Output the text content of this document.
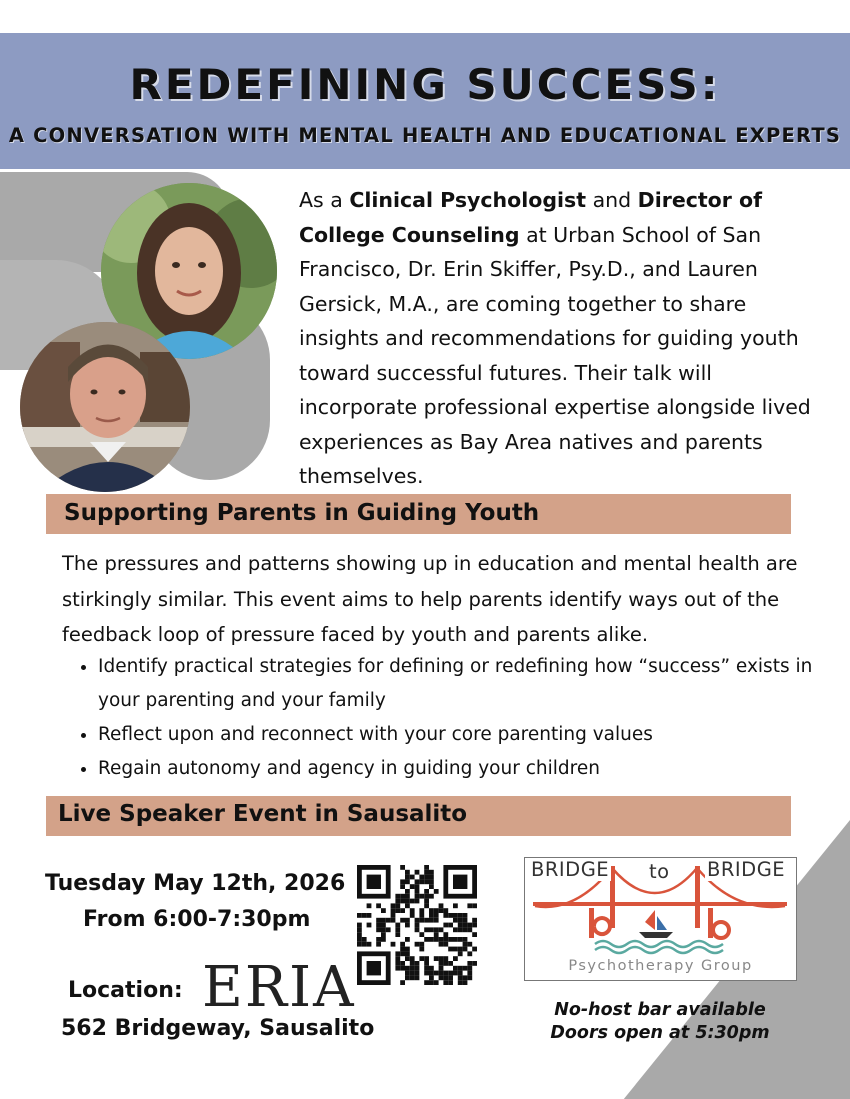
REDEFINING SUCCESS:
A CONVERSATION WITH MENTAL HEALTH AND EDUCATIONAL EXPERTS
As a Clinical Psychologist and Director of College Counseling at Urban School of San Francisco, Dr. Erin Skiffer, Psy.D., and Lauren Gersick, M.A., are coming together to share insights and recommendations for guiding youth toward successful futures. Their talk will incorporate professional expertise alongside lived experiences as Bay Area natives and parents themselves.
Supporting Parents in Guiding Youth
The pressures and patterns showing up in education and mental health are stirkingly similar. This event aims to help parents identify ways out of the feedback loop of pressure faced by youth and parents alike.
• Identify practical strategies for defining or redefining how “success” exists in your parenting and your family
• Reflect upon and reconnect with your core parenting values
• Regain autonomy and agency in guiding your children
Live Speaker Event in Sausalito
Tuesday May 12th, 2026
From 6:00-7:30pm
Location: ERIA
562 Bridgeway, Sausalito
BRIDGE to BRIDGE
Psychotherapy Group
No-host bar available
Doors open at 5:30pm
